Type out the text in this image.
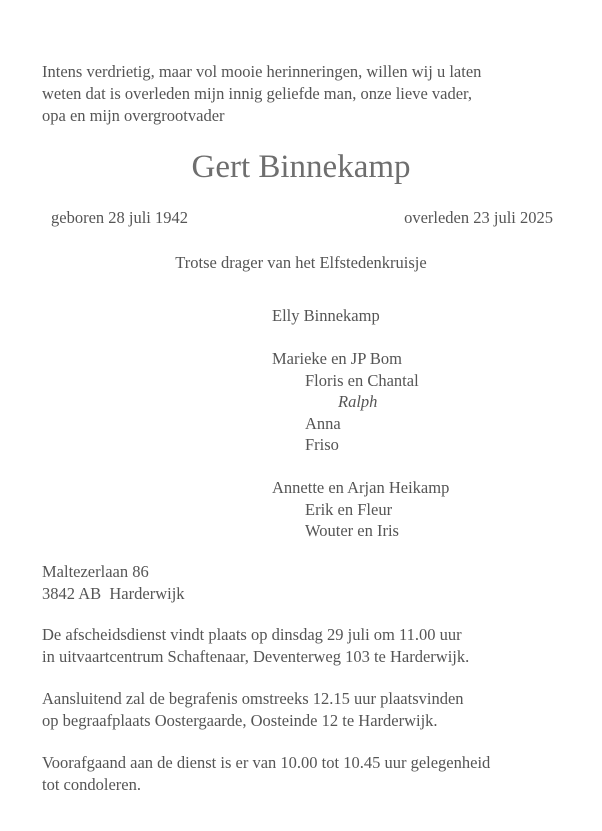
Intens verdrietig, maar vol mooie herinneringen, willen wij u laten
weten dat is overleden mijn innig geliefde man, onze lieve vader,
opa en mijn overgrootvader
Gert Binnekamp
geboren 28 juli 1942	overleden 23 juli 2025
Trotse drager van het Elfstedenkruisje
Elly Binnekamp
Marieke en JP Bom
Floris en Chantal
Ralph
Anna
Friso
Annette en Arjan Heikamp
Erik en Fleur
Wouter en Iris
Maltezerlaan 86
3842 AB  Harderwijk
De afscheidsdienst vindt plaats op dinsdag 29 juli om 11.00 uur
in uitvaartcentrum Schaftenaar, Deventerweg 103 te Harderwijk.
Aansluitend zal de begrafenis omstreeks 12.15 uur plaatsvinden
op begraafplaats Oostergaarde, Oosteinde 12 te Harderwijk.
Voorafgaand aan de dienst is er van 10.00 tot 10.45 uur gelegenheid
tot condoleren.
